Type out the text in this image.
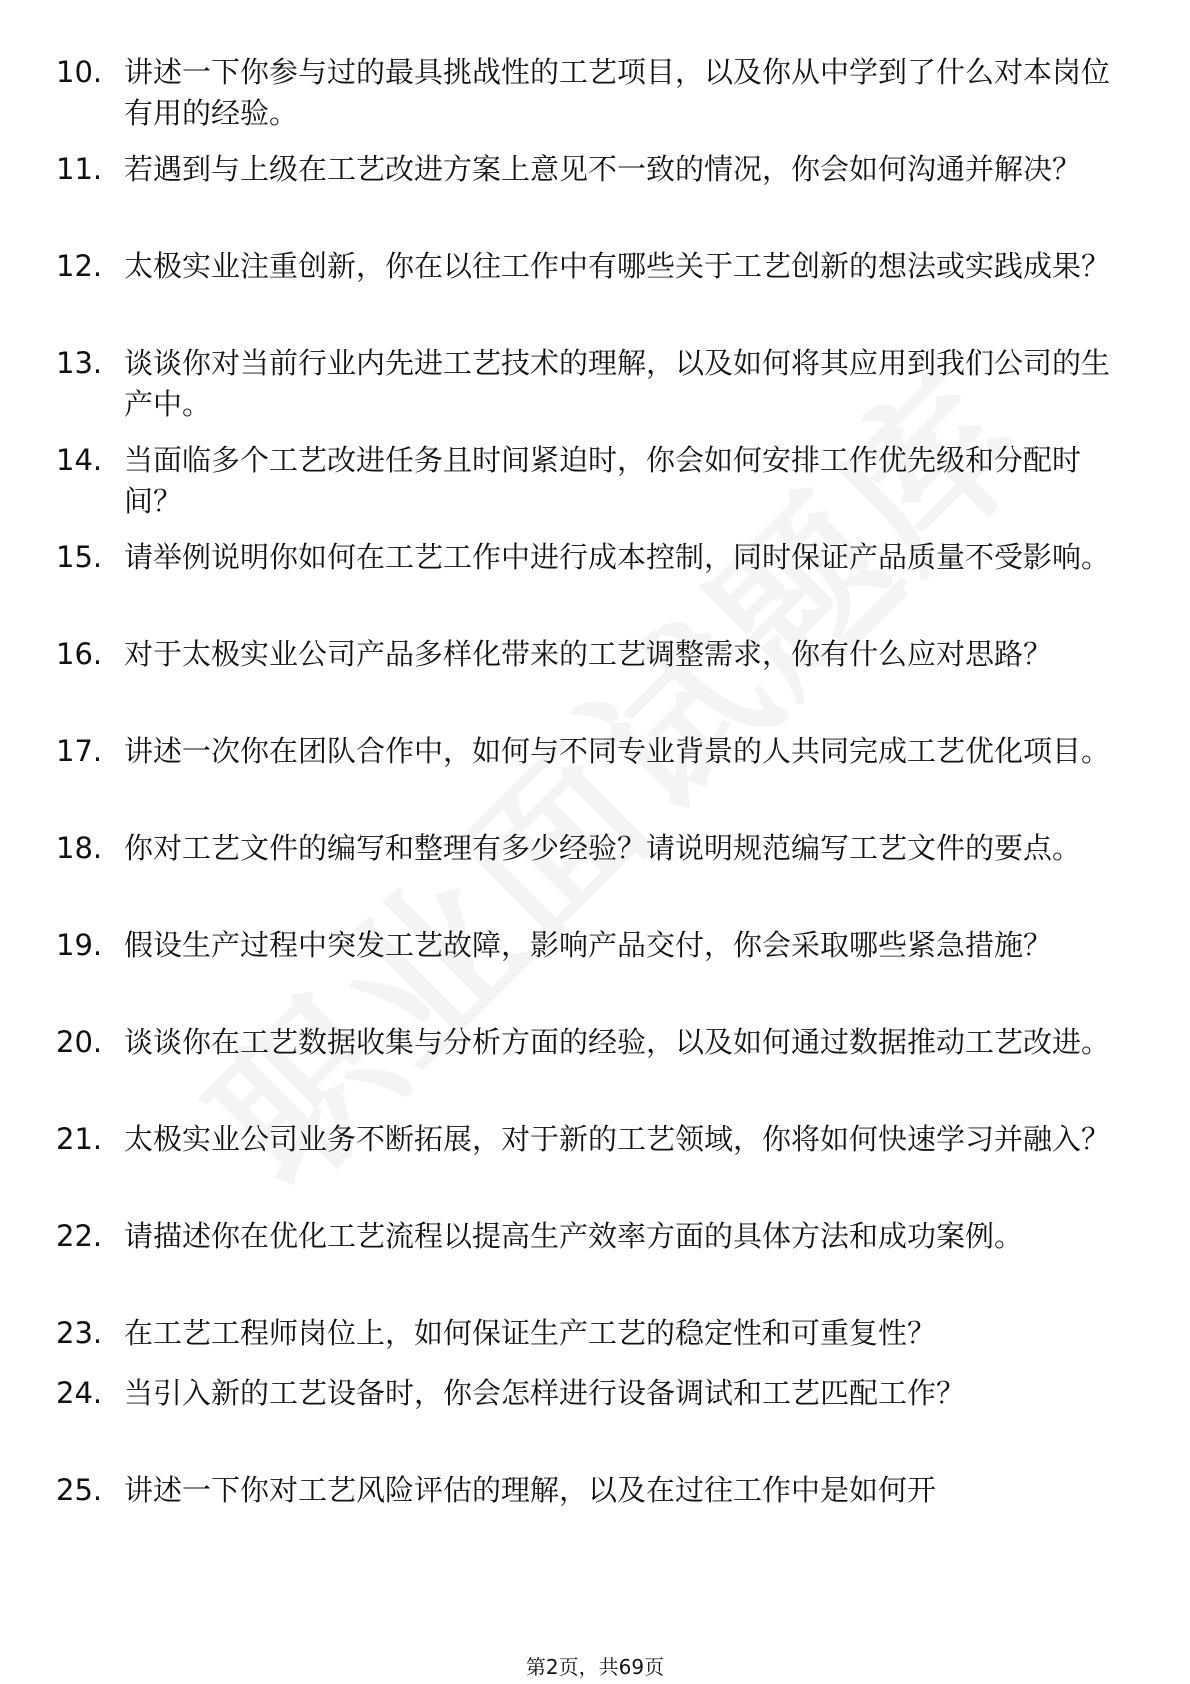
10. 讲述一下你参与过的最具挑战性的工艺项目，以及你从中学到了什么对本岗位有用的经验。
11. 若遇到与上级在工艺改进方案上意见不一致的情况，你会如何沟通并解决？
12. 太极实业注重创新，你在以往工作中有哪些关于工艺创新的想法或实践成果？
13. 谈谈你对当前行业内先进工艺技术的理解，以及如何将其应用到我们公司的生产中。
14. 当面临多个工艺改进任务且时间紧迫时，你会如何安排工作优先级和分配时间？
15. 请举例说明你如何在工艺工作中进行成本控制，同时保证产品质量不受影响。
16. 对于太极实业公司产品多样化带来的工艺调整需求，你有什么应对思路？
17. 讲述一次你在团队合作中，如何与不同专业背景的人共同完成工艺优化项目。
18. 你对工艺文件的编写和整理有多少经验？请说明规范编写工艺文件的要点。
19. 假设生产过程中突发工艺故障，影响产品交付，你会采取哪些紧急措施？
20. 谈谈你在工艺数据收集与分析方面的经验，以及如何通过数据推动工艺改进。
21. 太极实业公司业务不断拓展，对于新的工艺领域，你将如何快速学习并融入？
22. 请描述你在优化工艺流程以提高生产效率方面的具体方法和成功案例。
23. 在工艺工程师岗位上，如何保证生产工艺的稳定性和可重复性？
24. 当引入新的工艺设备时，你会怎样进行设备调试和工艺匹配工作？
25. 讲述一下你对工艺风险评估的理解，以及在过往工作中是如何开
第2页，共69页
